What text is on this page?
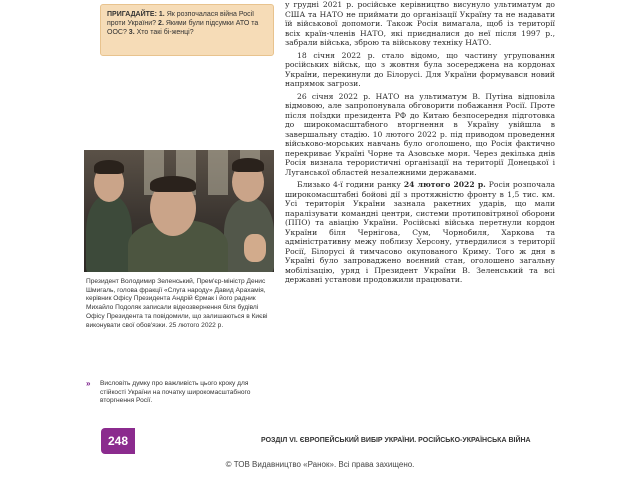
ПРИГАДАЙТЕ: 1. Як розпочалася війна Росії проти України? 2. Якими були підсумки АТО та ООС? 3. Хто такі бі-женці?
Президент Володимир Зеленський, Прем'єр-міністр Денис Шмигаль, голова фракції «Слуга народу» Давид Арахамія, керівник Офісу Президента Андрій Єрмак і його радник Михайло Подоляк записали відеозвернення біля будівлі Офісу Президента та повідомили, що залишаються в Києві виконувати свої обов'язки. 25 лютого 2022 р.
» Висловіть думку про важливість цього кроку для стійкості України на початку широкомасштабного вторгнення Росії.

у грудні 2021 р. російське керівництво висунуло ультиматум до США та НАТО не приймати до організації Україну та не надавати їй військової допомоги. Також Росія вимагала, щоб із території всіх країн-членів НАТО, які приєдналися до неї після 1997 р., забрали війська, зброю та військову техніку НАТО.

18 січня 2022 р. стало відомо, що частину угруповання російських військ, що з жовтня була зосереджена на кордонах України, перекинули до Білорусі. Для України формувався новий напрямок загрози.

26 січня 2022 р. НАТО на ультиматум В. Путіна відповіла відмовою, але запропонувала обговорити побажання Росії. Проте після поїздки президента РФ до Китаю безпосередня підготовка до широкомасштабного вторгнення в Україну увійшла в завершальну стадію. 10 лютого 2022 р. під приводом проведення військово-морських навчань було оголошено, що Росія фактично перекриває Україні Чорне та Азовське моря. Через декілька днів Росія визнала терористичні організації на території Донецької і Луганської областей незалежними державами.

Близько 4-ї години ранку 24 лютого 2022 р. Росія розпочала широкомасштабні бойові дії з протяжністю фронту в 1,5 тис. км. Усі територія України зазнала ракетних ударів, що мали паралізувати командні центри, системи протиповітряної оборони (ППО) та авіацію України. Російські війська перетнули кордон України біля Чернігова, Сум, Чорнобиля, Харкова та адміністративну межу поблизу Херсону, утвердилися з території Росії, Білорусі й тимчасово окупованого Криму. Того ж дня в Україні було запроваджено воєнний стан, оголошено загальну мобілізацію, уряд і Президент України В. Зеленський та всі державні установи продовжили працювати.

248	РОЗДІЛ VI. ЄВРОПЕЙСЬКИЙ ВИБІР УКРАЇНИ. РОСІЙСЬКО-УКРАЇНСЬКА ВІЙНА
© ТОВ Видавництво «Ранок». Всі права захищено.
